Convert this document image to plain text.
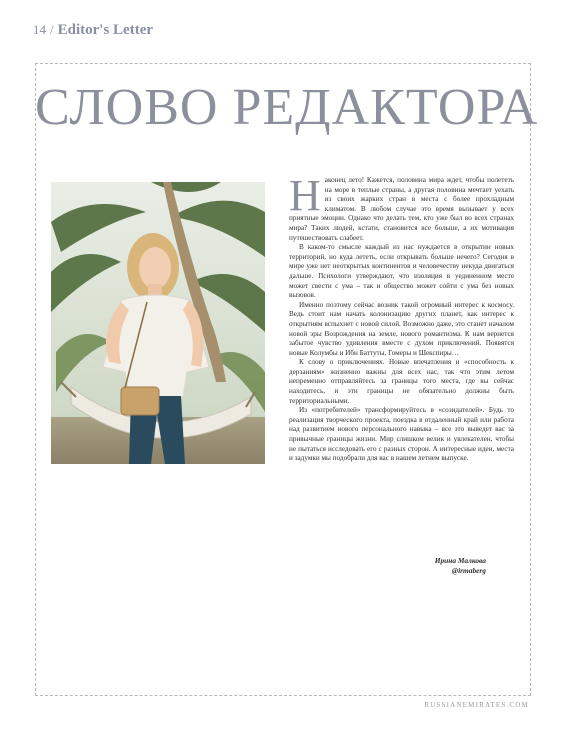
14 / Editor's Letter
СЛОВО РЕДАКТОРА

Наконец лето! Кажется, половина мира ждет, чтобы полететь на море в теплые страны, а другая половина мечтает уехать из своих жарких стран в места с более прохладным климатом. В любом случае это время вызывает у всех приятные эмоции. Однако что делать тем, кто уже был во всех странах мира? Таких людей, кстати, становится все больше, а их мотивация путешествовать слабеет.

В каком-то смысле каждый из нас нуждается в открытии новых территорий, но куда лететь, если открывать больше нечего? Сегодня в мире уже нет неоткрытых континентов и человечеству некуда двигаться дальше. Психологи утверждают, что изоляция в уединенном месте может свести с ума – так и общество может сойти с ума без новых вызовов.

Именно поэтому сейчас возник такой огромный интерес к космосу. Ведь стоит нам начать колонизацию других планет, как интерес к открытиям вспыхнет с новой силой. Возможно даже, это станет началом новой эры Возрождения на земле, нового романтизма. К нам вернется забытое чувство удивления вместе с духом приключений. Появятся новые Колумбы и Ибн Баттуты, Гомеры и Шекспиры…

К слову о приключениях. Новые впечатления и «способность к дерзаниям» жизненно важны для всех нас, так что этим летом непременно отправляйтесь за границы того места, где вы сейчас находитесь, и эти границы не обязательно должны быть территориальными.

Из «потребителей» трансформируйтесь в «созидателей». Будь то реализация творческого проекта, поездка в отдаленный край или работа над развитием нового персонального навыка – все это выведет вас за привычные границы жизни. Мир слишком велик и увлекателен, чтобы не пытаться исследовать его с разных сторон. А интересные идеи, места и задумки мы подобрали для вас в нашем летнем выпуске.

Ирина Малкова
@irmaberg
RUSSIANEMIRATES.COM
